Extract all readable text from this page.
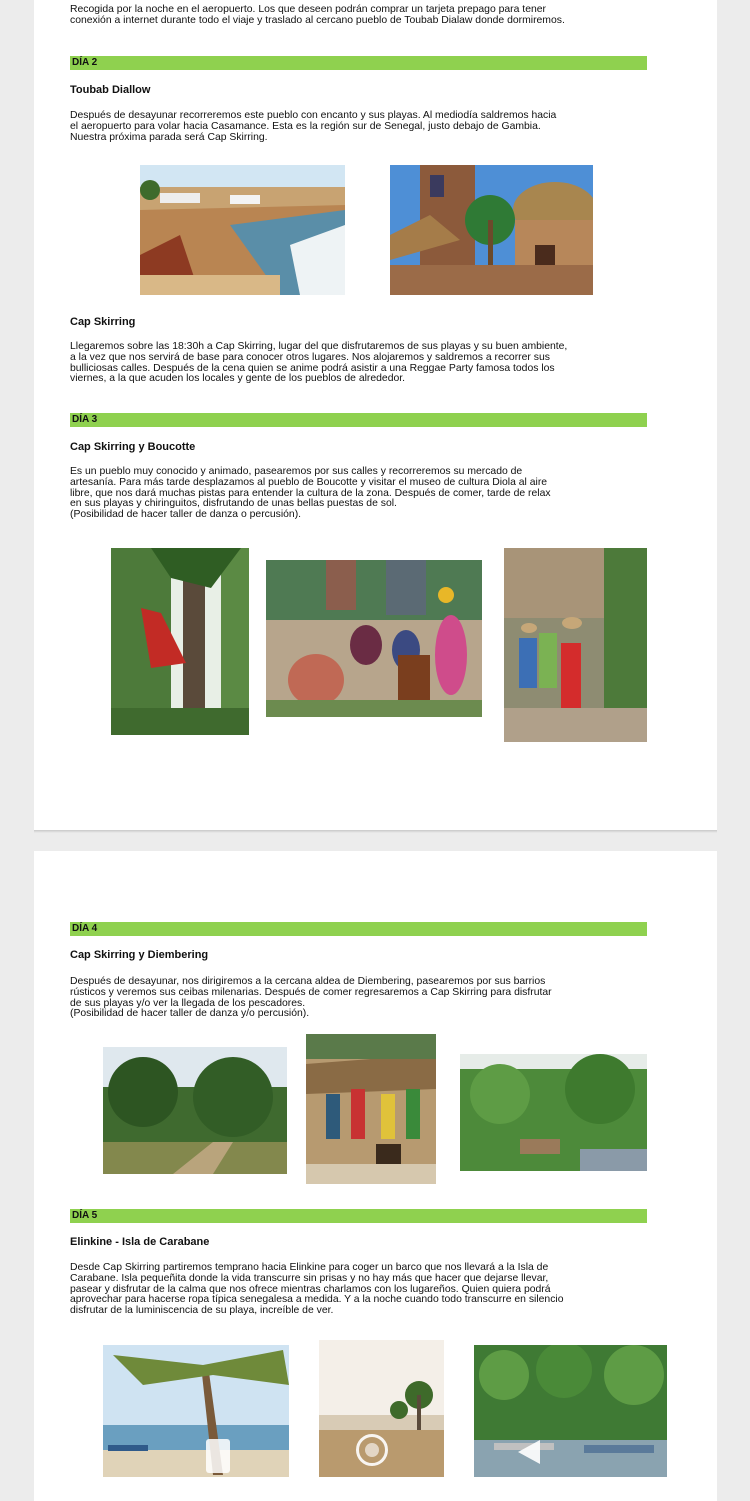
Recogida por la noche en el aeropuerto. Los que deseen podrán comprar un tarjeta prepago para tener
conexión a internet durante todo el viaje y traslado al cercano pueblo de Toubab Dialaw donde dormiremos.

DÍA 2
Toubab Diallow

Después de desayunar recorreremos este pueblo con encanto y sus playas. Al mediodía saldremos hacia
el aeropuerto para volar hacia Casamance. Esta es la región sur de Senegal, justo debajo de Gambia.
Nuestra próxima parada será Cap Skirring.

Cap Skirring

Llegaremos sobre las 18:30h a Cap Skirring, lugar del que disfrutaremos de sus playas y su buen ambiente,
a la vez que nos servirá de base para conocer otros lugares. Nos alojaremos y saldremos a recorrer sus
bulliciosas calles. Después de la cena quien se anime podrá asistir a una Reggae Party famosa todos los
viernes, a la que acuden los locales y gente de los pueblos de alrededor.

DÍA 3
Cap Skirring y Boucotte

Es un pueblo muy conocido y animado, pasearemos por sus calles y recorreremos su mercado de
artesanía. Para más tarde desplazamos al pueblo de Boucotte y visitar el museo de cultura Diola al aire
libre, que nos dará muchas pistas para entender la cultura de la zona. Después de comer, tarde de relax
en sus playas y chiringuitos, disfrutando de unas bellas puestas de sol.
(Posibilidad de hacer taller de danza o percusión).

DÍA 4
Cap Skirring y Diembering

Después de desayunar, nos dirigiremos a la cercana aldea de Diembering, pasearemos por sus barrios
rústicos y veremos sus ceibas milenarias. Después de comer regresaremos a Cap Skirring para disfrutar
de sus playas y/o ver la llegada de los pescadores.
(Posibilidad de hacer taller de danza y/o percusión).

DÍA 5
Elinkine - Isla de Carabane

Desde Cap Skirring partiremos temprano hacia Elinkine para coger un barco que nos llevará a la Isla de
Carabane. Isla pequeñita donde la vida transcurre sin prisas y no hay más que hacer que dejarse llevar,
pasear y disfrutar de la calma que nos ofrece mientras charlamos con los lugareños. Quien quiera podrá
aprovechar para hacerse ropa típica senegalesa a medida. Y a la noche cuando todo transcurre en silencio
disfrutar de la luminiscencia de su playa, increíble de ver.
